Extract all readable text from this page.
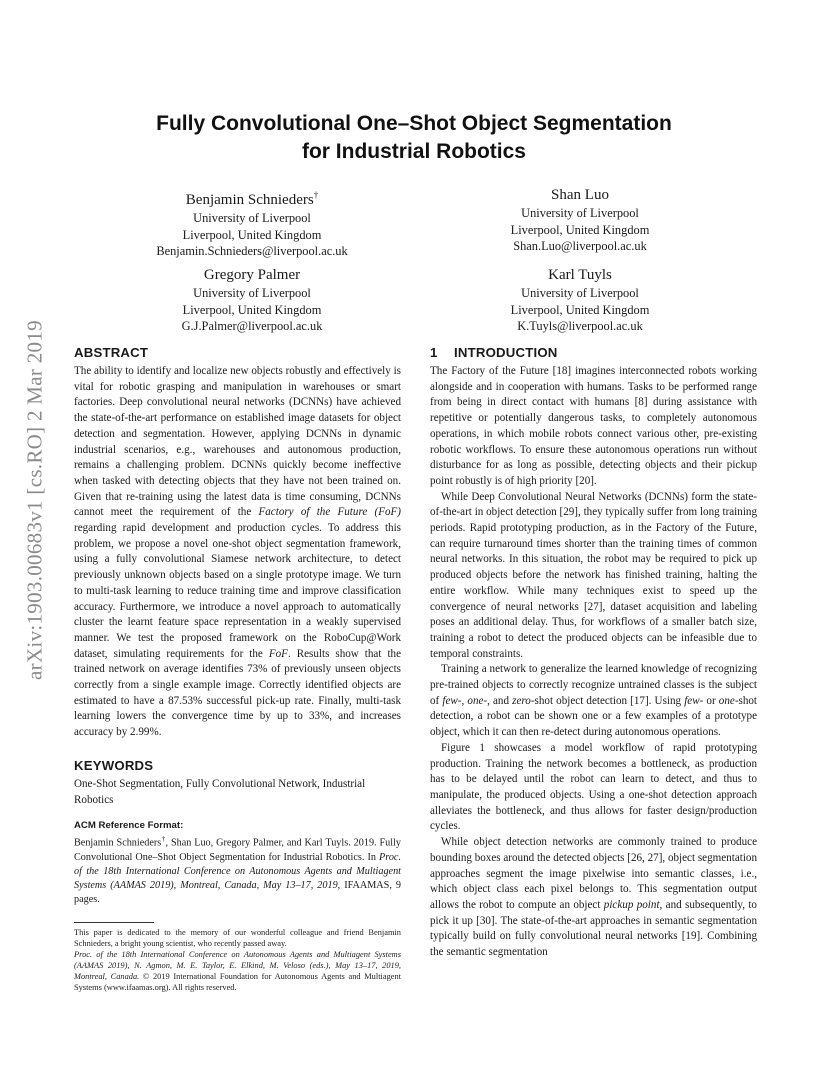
arXiv:1903.00683v1 [cs.RO] 2 Mar 2019
Fully Convolutional One–Shot Object Segmentation
for Industrial Robotics
Benjamin Schnieders†
University of Liverpool
Liverpool, United Kingdom
Benjamin.Schnieders@liverpool.ac.uk
Shan Luo
University of Liverpool
Liverpool, United Kingdom
Shan.Luo@liverpool.ac.uk
Gregory Palmer
University of Liverpool
Liverpool, United Kingdom
G.J.Palmer@liverpool.ac.uk
Karl Tuyls
University of Liverpool
Liverpool, United Kingdom
K.Tuyls@liverpool.ac.uk
ABSTRACT

The ability to identify and localize new objects robustly and effectively is vital for robotic grasping and manipulation in warehouses or smart factories. Deep convolutional neural networks (DCNNs) have achieved the state-of-the-art performance on established image datasets for object detection and segmentation. However, applying DCNNs in dynamic industrial scenarios, e.g., warehouses and autonomous production, remains a challenging problem. DCNNs quickly become ineffective when tasked with detecting objects that they have not been trained on. Given that re-training using the latest data is time consuming, DCNNs cannot meet the requirement of the Factory of the Future (FoF) regarding rapid development and production cycles. To address this problem, we propose a novel one-shot object segmentation framework, using a fully convolutional Siamese network architecture, to detect previously unknown objects based on a single prototype image. We turn to multi-task learning to reduce training time and improve classification accuracy. Furthermore, we introduce a novel approach to automatically cluster the learnt feature space representation in a weakly supervised manner. We test the proposed framework on the RoboCup@Work dataset, simulating requirements for the FoF. Results show that the trained network on average identifies 73% of previously unseen objects correctly from a single example image. Correctly identified objects are estimated to have a 87.53% successful pick-up rate. Finally, multi-task learning lowers the convergence time by up to 33%, and increases accuracy by 2.99%.

KEYWORDS

One-Shot Segmentation, Fully Convolutional Network, Industrial Robotics

ACM Reference Format:
Benjamin Schnieders†, Shan Luo, Gregory Palmer, and Karl Tuyls. 2019. Fully Convolutional One–Shot Object Segmentation for Industrial Robotics. In Proc. of the 18th International Conference on Autonomous Agents and Multiagent Systems (AAMAS 2019), Montreal, Canada, May 13–17, 2019, IFAAMAS, 9 pages.

This paper is dedicated to the memory of our wonderful colleague and friend Benjamin Schnieders, a bright young scientist, who recently passed away.

Proc. of the 18th International Conference on Autonomous Agents and Multiagent Systems (AAMAS 2019), N. Agmon, M. E. Taylor, E. Elkind, M. Veloso (eds.), May 13–17, 2019, Montreal, Canada. © 2019 International Foundation for Autonomous Agents and Multiagent Systems (www.ifaamas.org). All rights reserved.

1 INTRODUCTION

The Factory of the Future [18] imagines interconnected robots working alongside and in cooperation with humans. Tasks to be performed range from being in direct contact with humans [8] during assistance with repetitive or potentially dangerous tasks, to completely autonomous operations, in which mobile robots connect various other, pre-existing robotic workflows. To ensure these autonomous operations run without disturbance for as long as possible, detecting objects and their pickup point robustly is of high priority [20].

While Deep Convolutional Neural Networks (DCNNs) form the state-of-the-art in object detection [29], they typically suffer from long training periods. Rapid prototyping production, as in the Factory of the Future, can require turnaround times shorter than the training times of common neural networks. In this situation, the robot may be required to pick up produced objects before the network has finished training, halting the entire workflow. While many techniques exist to speed up the convergence of neural networks [27], dataset acquisition and labeling poses an additional delay. Thus, for workflows of a smaller batch size, training a robot to detect the produced objects can be infeasible due to temporal constraints.

Training a network to generalize the learned knowledge of recognizing pre-trained objects to correctly recognize untrained classes is the subject of few-, one-, and zero-shot object detection [17]. Using few- or one-shot detection, a robot can be shown one or a few examples of a prototype object, which it can then re-detect during autonomous operations.

Figure 1 showcases a model workflow of rapid prototyping production. Training the network becomes a bottleneck, as production has to be delayed until the robot can learn to detect, and thus to manipulate, the produced objects. Using a one-shot detection approach alleviates the bottleneck, and thus allows for faster design/production cycles.

While object detection networks are commonly trained to produce bounding boxes around the detected objects [26, 27], object segmentation approaches segment the image pixelwise into semantic classes, i.e., which object class each pixel belongs to. This segmentation output allows the robot to compute an object pickup point, and subsequently, to pick it up [30]. The state-of-the-art approaches in semantic segmentation typically build on fully convolutional neural networks [19]. Combining the semantic segmentation
